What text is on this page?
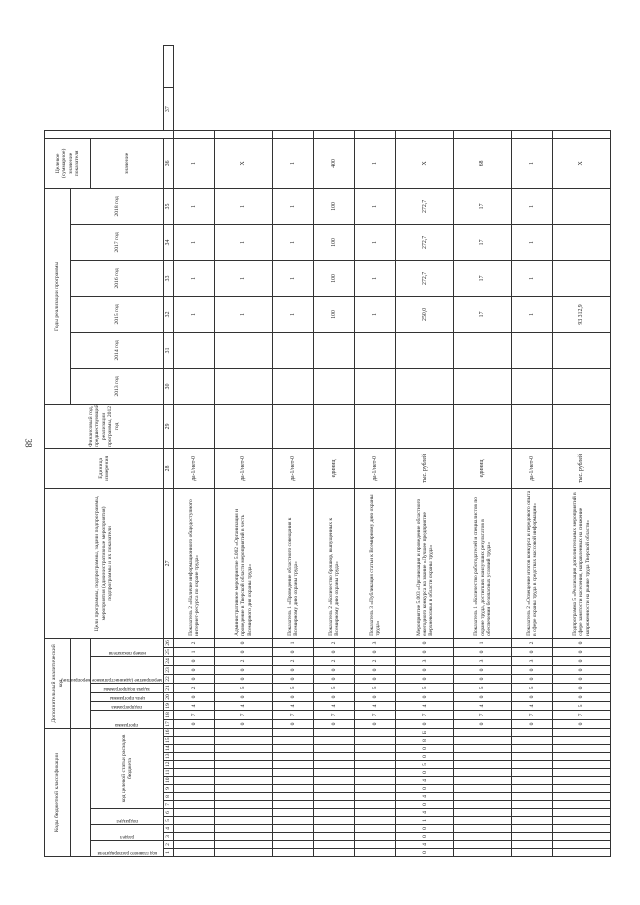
38
Коды бюджетной классификации																Дополнительный аналитический код										Цели программы, подпрограммы, задачи подпрограммы, мероприятия (административные мероприятия) подпрограммы и их показатели	Единица измерения	Финансовый год, предшествующий реализации программы, 2012 год	Годы реализации программы						Целевое (суммарное) значение показателя			
																													2013 год	2014 год	2015 год	2016 год	2017 год	2018 год				

код главного распорядителя		раздел		подраздел		код целевой статьи расходов бюджета										программа		подпрограмма	цель программы	задача подпрограммы	мероприятие (административное мероприятие)			номер показателя											значение			
1	2	3	4	5	6	7	8	9	10	11	12	13	14	15	16	17	18	19	20	21	22	23	24	25	26	27	28	29	30	31	32	33	34	35	36		37	
																0	7	4	0	2	0	0	0	1	2	Показатель 2 «Наличие информационного общедоступного интернет-ресурса по охране труда»	да-1/нет-0				1	1	1	1	1			
																0	7	4	0	5	0	0	2	0	0	Административное мероприятие 5.002 «Организация и проведение в Тверской области мероприятий в честь Всемирного дня охраны труда»	да-1/нет-0				1	1	1	1	Х			
																0	7	4	0	5	0	0	2	0	1	Показатель 1 «Проведение областного совещания к Всемирному дню охраны труда»	да-1/нет-0				1	1	1	1	1			
																0	7	4	0	5	0	0	2	0	2	Показатель 2 «Количество брошюр, выпущенных к Всемирному дню охраны труда»	единиц				100	100	100	100	400			
																0	7	4	0	5	0	0	2	0	3	Показатель 3 «Публикация статьи к Всемирному дню охраны труда»	да-1/нет-0				1	1	1	1	1			
0	4	0	0	1	4	0	4	0	4	0	5	0	0	8	Б	0	7	4	0	5	0	0	3	0	0	Мероприятие 5.003 «Организация и проведение областного ежегодного конкурса на звание «Лучшее предприятие Верхневолжья в области охраны труда»	тыс. рублей				250,0	272,7	272,7	272,7	Х			
																0	7	4	0	5	0	0	3	0	1	Показатель 1 «Количество работодателей и специалистов по охране труда, достигших наилучших результатов в обеспечении безопасных условий труда»	единиц				17	17	17	17	68			
																0	7	4	0	5	0	0	3	0	2	Показатель 2 «Освещение итогов конкурса и передового опыта в сфере охраны труда в средствах массовой информации»	да-1/нет-0				1	1	1	1	1			
																0	7	5	0	0	0	0	0	0	0	Подпрограмма 5 «Реализация дополнительных мероприятий в сфере занятости населения, направленных на снижение напряженности на рынке труда Тверской области»	тыс. рублей				93 312,9				Х			
